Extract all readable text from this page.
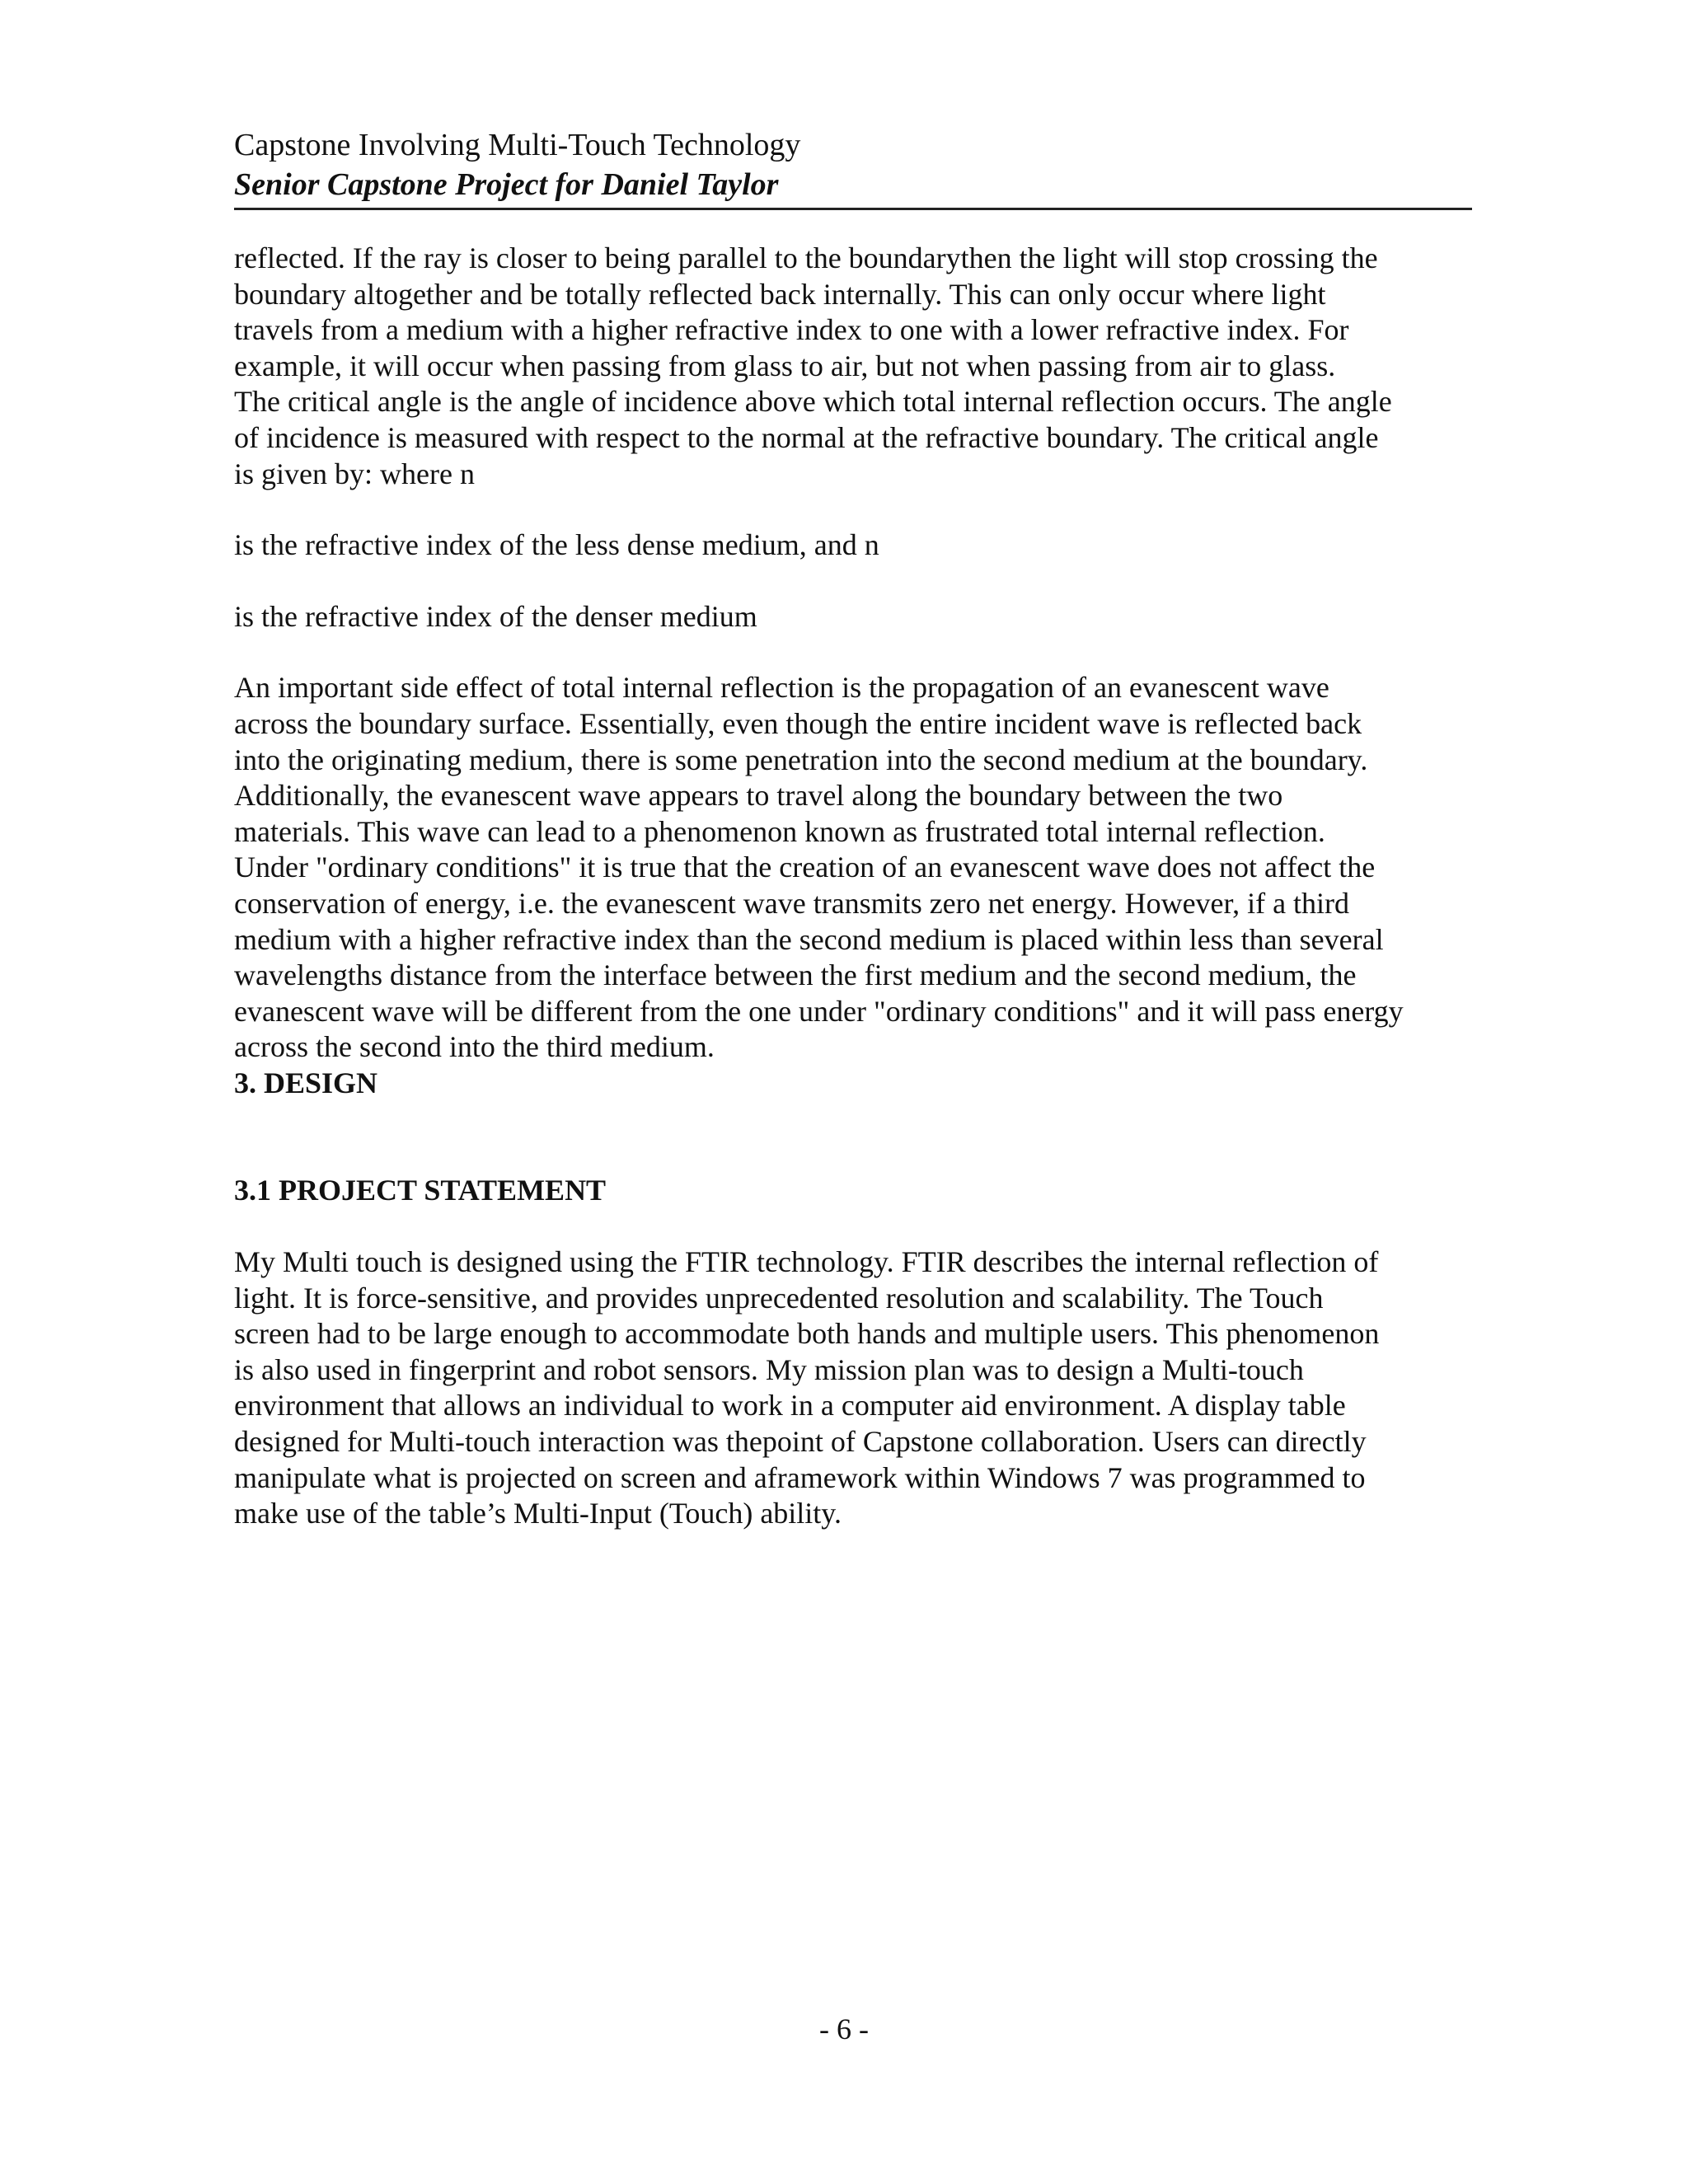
Capstone Involving Multi-Touch Technology
Senior Capstone Project for Daniel Taylor

reflected. If the ray is closer to being parallel to the boundarythen the light will stop crossing the
boundary altogether and be totally reflected back internally. This can only occur where light
travels from a medium with a higher refractive index to one with a lower refractive index. For
example, it will occur when passing from glass to air, but not when passing from air to glass.
The critical angle is the angle of incidence above which total internal reflection occurs. The angle
of incidence is measured with respect to the normal at the refractive boundary. The critical angle
is given by: where n

is the refractive index of the less dense medium, and n

is the refractive index of the denser medium

An important side effect of total internal reflection is the propagation of an evanescent wave
across the boundary surface. Essentially, even though the entire incident wave is reflected back
into the originating medium, there is some penetration into the second medium at the boundary.
Additionally, the evanescent wave appears to travel along the boundary between the two
materials. This wave can lead to a phenomenon known as frustrated total internal reflection.
Under "ordinary conditions" it is true that the creation of an evanescent wave does not affect the
conservation of energy, i.e. the evanescent wave transmits zero net energy. However, if a third
medium with a higher refractive index than the second medium is placed within less than several
wavelengths distance from the interface between the first medium and the second medium, the
evanescent wave will be different from the one under "ordinary conditions" and it will pass energy
across the second into the third medium.

3. DESIGN
3.1 PROJECT STATEMENT

My Multi touch is designed using the FTIR technology. FTIR describes the internal reflection of
light. It is force-sensitive, and provides unprecedented resolution and scalability. The Touch
screen had to be large enough to accommodate both hands and multiple users. This phenomenon
is also used in fingerprint and robot sensors. My mission plan was to design a Multi-touch
environment that allows an individual to work in a computer aid environment. A display table
designed for Multi-touch interaction was thepoint of Capstone collaboration. Users can directly
manipulate what is projected on screen and aframework within Windows 7 was programmed to
make use of the table’s Multi-Input (Touch) ability.

- 6 -
